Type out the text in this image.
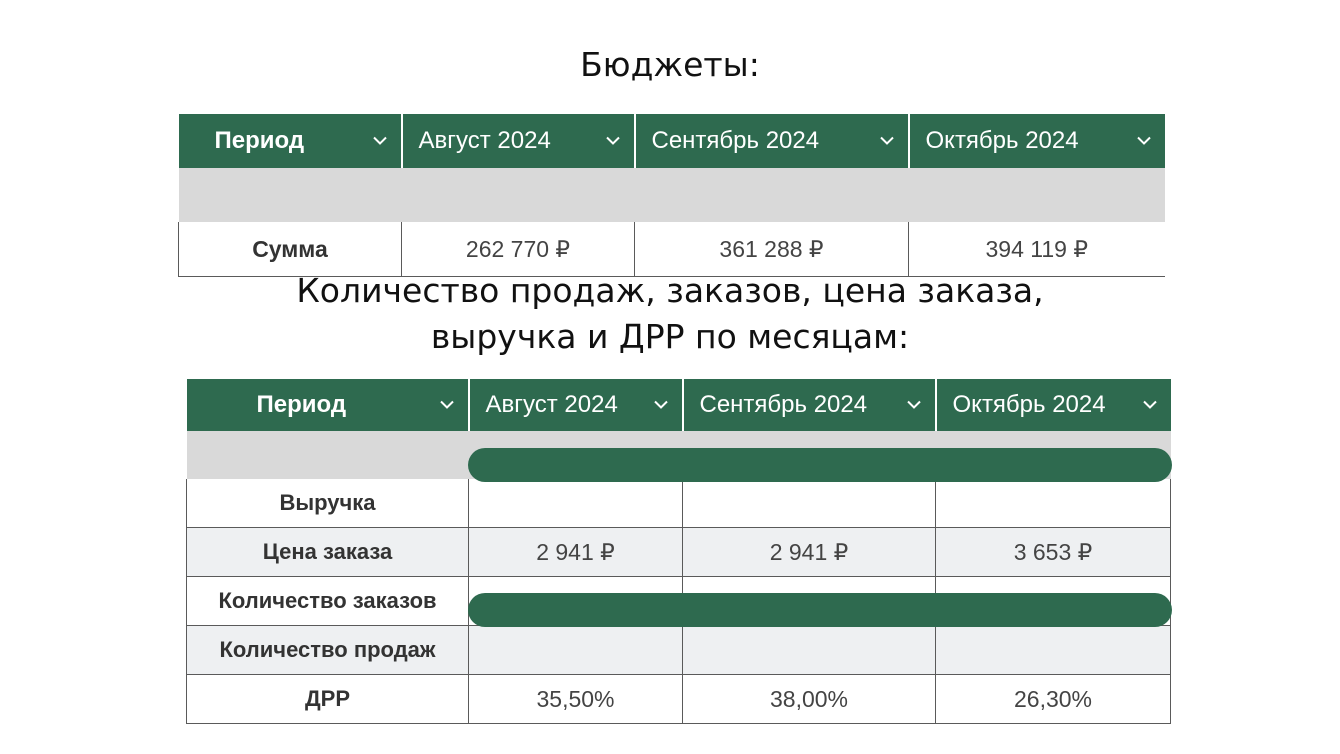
Бюджеты:
Период	Август 2024	Сентябрь 2024	Октябрь 2024

Сумма	262 770 ₽	361 288 ₽	394 119 ₽
Количество продаж, заказов, цена заказа,
выручка и ДРР по месяцам:
Период	Август 2024	Сентябрь 2024	Октябрь 2024

Выручка			
Цена заказа	2 941 ₽	2 941 ₽	3 653 ₽
Количество заказов			
Количество продаж			
ДРР	35,50%	38,00%	26,30%
